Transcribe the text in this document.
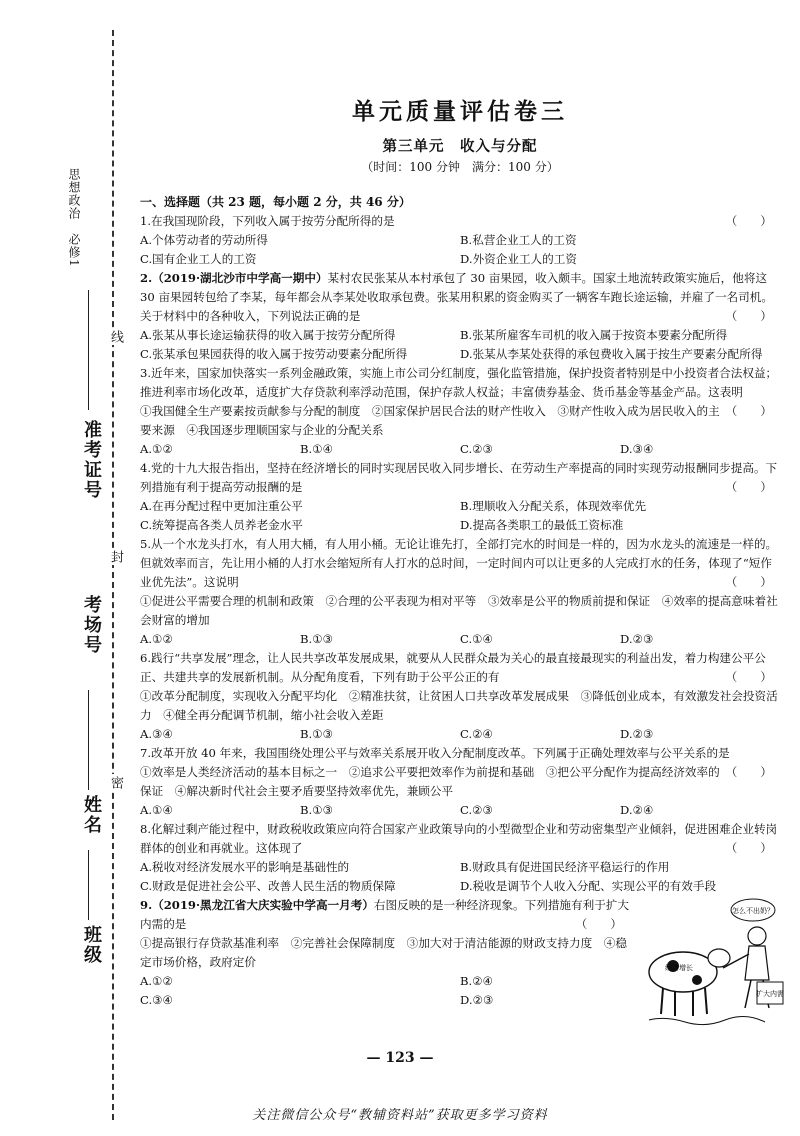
思想政治　必修1
准考证号
考场号
姓名
班级
线
封
密
单元质量评估卷三
第三单元　收入与分配
（时间：100 分钟　满分：100 分）
一、选择题（共 23 题，每小题 2 分，共 46 分）
1.在我国现阶段，下列收入属于按劳分配所得的是	（　　）
A.个体劳动者的劳动所得	B.私营企业工人的工资
C.国有企业工人的工资	D.外资企业工人的工资
2.（2019·湖北沙市中学高一期中）某村农民张某从本村承包了 30 亩果园，收入颇丰。国家土地流转政策实施后，他将这 30 亩果园转包给了李某，每年都会从李某处收取承包费。张某用积累的资金购买了一辆客车跑长途运输，并雇了一名司机。关于材料中的各种收入，下列说法正确的是	（　　）
A.张某从事长途运输获得的收入属于按劳分配所得	B.张某所雇客车司机的收入属于按资本要素分配所得
C.张某承包果园获得的收入属于按劳动要素分配所得	D.张某从李某处获得的承包费收入属于按生产要素分配所得
3.近年来，国家加快落实一系列金融政策，实施上市公司分红制度，强化监管措施，保护投资者特别是中小投资者合法权益；推进利率市场化改革，适度扩大存贷款利率浮动范围，保护存款人权益；丰富债券基金、货币基金等基金产品。这表明
（　　）
①我国健全生产要素按贡献参与分配的制度　②国家保护居民合法的财产性收入　③财产性收入成为居民收入的主要来源　④我国逐步理顺国家与企业的分配关系
A.①②	B.①④	C.②③	D.③④
4.党的十九大报告指出，坚持在经济增长的同时实现居民收入同步增长、在劳动生产率提高的同时实现劳动报酬同步提高。下列措施有利于提高劳动报酬的是	（　　）
A.在再分配过程中更加注重公平	B.理顺收入分配关系，体现效率优先
C.统筹提高各类人员养老金水平	D.提高各类职工的最低工资标准
5.从一个水龙头打水，有人用大桶，有人用小桶。无论让谁先打，全部打完水的时间是一样的，因为水龙头的流速是一样的。但就效率而言，先让用小桶的人打水会缩短所有人打水的总时间，一定时间内可以让更多的人完成打水的任务，体现了“短作业优先法”。这说明	（　　）
①促进公平需要合理的机制和政策　②合理的公平表现为相对平等　③效率是公平的物质前提和保证　④效率的提高意味着社会财富的增加
A.①②	B.①③	C.①④	D.②③
6.践行“共享发展”理念，让人民共享改革发展成果，就要从人民群众最为关心的最直接最现实的利益出发，着力构建公平公正、共建共享的发展新机制。从分配角度看，下列有助于公平公正的有	（　　）
①改革分配制度，实现收入分配平均化　②精准扶贫，让贫困人口共享改革发展成果　③降低创业成本，有效激发社会投资活力　④健全再分配调节机制，缩小社会收入差距
A.③④	B.①③	C.②④	D.②③
7.改革开放 40 年来，我国围绕处理公平与效率关系展开收入分配制度改革。下列属于正确处理效率与公平关系的是
（　　）
①效率是人类经济活动的基本目标之一　②追求公平要把效率作为前提和基础　③把公平分配作为提高经济效率的保证　④解决新时代社会主要矛盾要坚持效率优先，兼顾公平
A.①④	B.①③	C.②③	D.②④
8.化解过剩产能过程中，财政税收政策应向符合国家产业政策导向的小型微型企业和劳动密集型产业倾斜，促进困难企业转岗群体的创业和再就业。这体现了	（　　）
A.税收对经济发展水平的影响是基础性的	B.财政具有促进国民经济平稳运行的作用
C.财政是促进社会公平、改善人民生活的物质保障	D.税收是调节个人收入分配、实现公平的有效手段
9.（2019·黑龙江省大庆实验中学高一月考）右图反映的是一种经济现象。下列措施有利于扩大内需的是	（　　）
①提高银行存贷款基准利率　②完善社会保障制度　③加大对于清洁能源的财政支持力度　④稳定市场价格，政府定价
A.①②	B.②④
C.③④	D.②③
怎么不出奶？
扩大内需
经济增长
— 123 —
关注微信公众号“教辅资料站”获取更多学习资料
